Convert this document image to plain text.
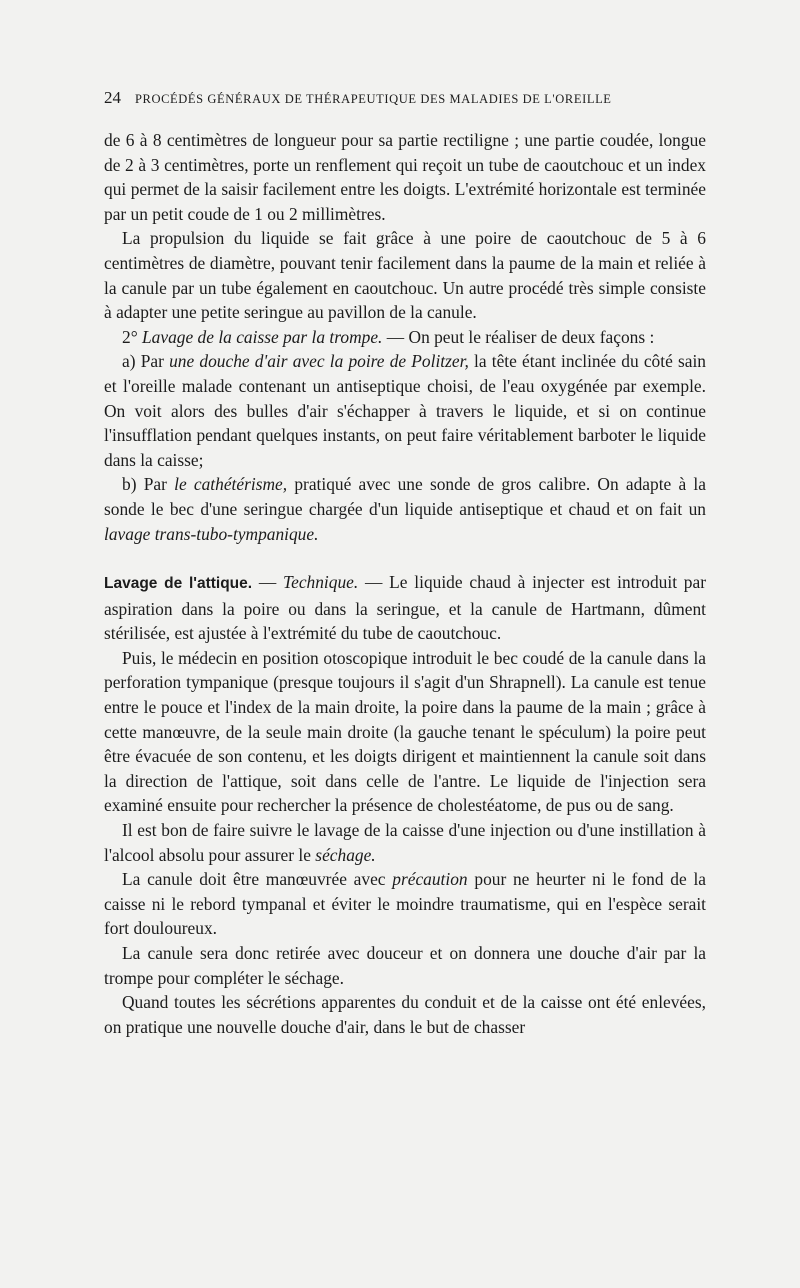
24 PROCÉDÉS GÉNÉRAUX DE THÉRAPEUTIQUE DES MALADIES DE L'OREILLE

de 6 à 8 centimètres de longueur pour sa partie rectiligne ; une partie coudée, longue de 2 à 3 centimètres, porte un renflement qui reçoit un tube de caoutchouc et un index qui permet de la saisir facilement entre les doigts. L'extrémité horizontale est terminée par un petit coude de 1 ou 2 millimètres.

La propulsion du liquide se fait grâce à une poire de caoutchouc de 5 à 6 centimètres de diamètre, pouvant tenir facilement dans la paume de la main et reliée à la canule par un tube également en caoutchouc. Un autre procédé très simple consiste à adapter une petite seringue au pavillon de la canule.

2° Lavage de la caisse par la trompe. — On peut le réaliser de deux façons :

a) Par une douche d'air avec la poire de Politzer, la tête étant inclinée du côté sain et l'oreille malade contenant un antiseptique choisi, de l'eau oxygénée par exemple. On voit alors des bulles d'air s'échapper à travers le liquide, et si on continue l'insufflation pendant quelques instants, on peut faire véritablement barboter le liquide dans la caisse;

b) Par le cathétérisme, pratiqué avec une sonde de gros calibre. On adapte à la sonde le bec d'une seringue chargée d'un liquide antiseptique et chaud et on fait un lavage trans-tubo-tympanique.

Lavage de l'attique. — Technique. — Le liquide chaud à injecter est introduit par aspiration dans la poire ou dans la seringue, et la canule de Hartmann, dûment stérilisée, est ajustée à l'extrémité du tube de caoutchouc.

Puis, le médecin en position otoscopique introduit le bec coudé de la canule dans la perforation tympanique (presque toujours il s'agit d'un Shrapnell). La canule est tenue entre le pouce et l'index de la main droite, la poire dans la paume de la main ; grâce à cette manœuvre, de la seule main droite (la gauche tenant le spéculum) la poire peut être évacuée de son contenu, et les doigts dirigent et maintiennent la canule soit dans la direction de l'attique, soit dans celle de l'antre. Le liquide de l'injection sera examiné ensuite pour rechercher la présence de cholestéatome, de pus ou de sang.

Il est bon de faire suivre le lavage de la caisse d'une injection ou d'une instillation à l'alcool absolu pour assurer le séchage.

La canule doit être manœuvrée avec précaution pour ne heurter ni le fond de la caisse ni le rebord tympanal et éviter le moindre traumatisme, qui en l'espèce serait fort douloureux.

La canule sera donc retirée avec douceur et on donnera une douche d'air par la trompe pour compléter le séchage.

Quand toutes les sécrétions apparentes du conduit et de la caisse ont été enlevées, on pratique une nouvelle douche d'air, dans le but de chasser
